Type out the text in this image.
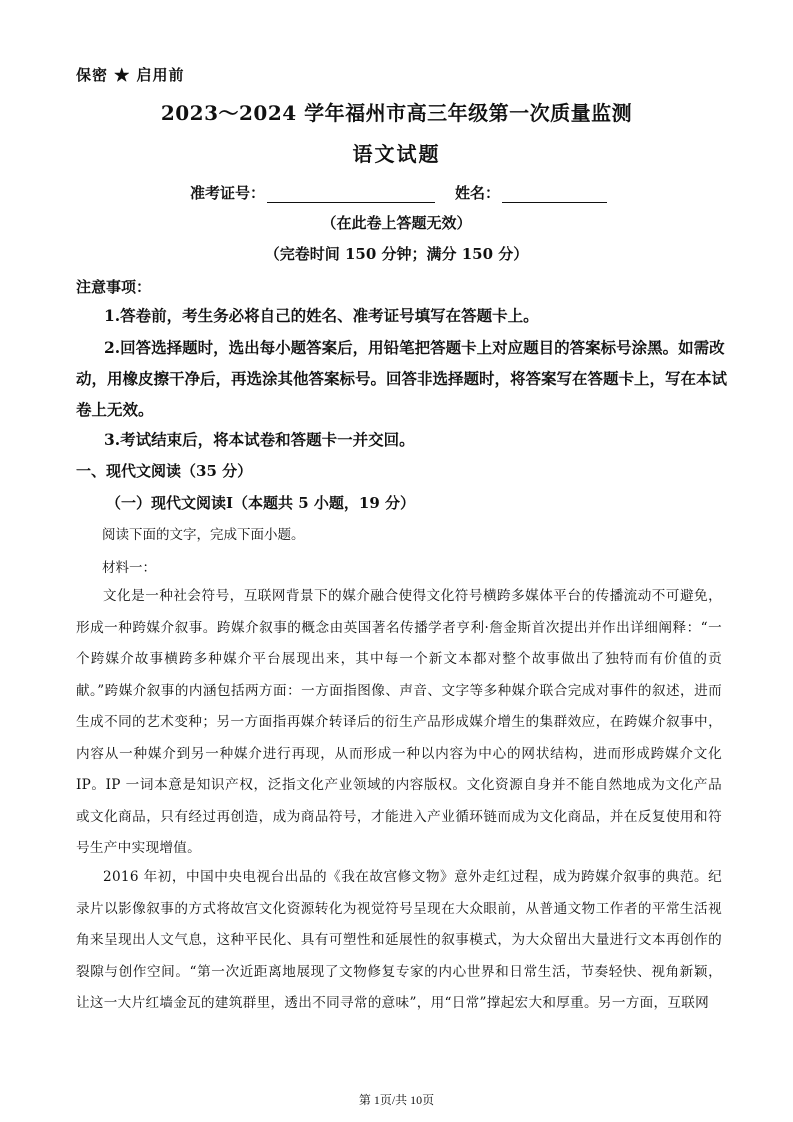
保密 ★ 启用前
2023～2024 学年福州市高三年级第一次质量监测
语文试题
准考证号：	姓名：
（在此卷上答题无效）
（完卷时间 150 分钟；满分 150 分）
注意事项：
1.答卷前，考生务必将自己的姓名、准考证号填写在答题卡上。
2.回答选择题时，选出每小题答案后，用铅笔把答题卡上对应题目的答案标号涂黑。如需改动，用橡皮擦干净后，再选涂其他答案标号。回答非选择题时，将答案写在答题卡上，写在本试卷上无效。
3.考试结束后，将本试卷和答题卡一并交回。
一、现代文阅读（35 分）
（一）现代文阅读Ⅰ（本题共 5 小题，19 分）
阅读下面的文字，完成下面小题。
材料一：
文化是一种社会符号，互联网背景下的媒介融合使得文化符号横跨多媒体平台的传播流动不可避免，形成一种跨媒介叙事。跨媒介叙事的概念由英国著名传播学者亨利·詹金斯首次提出并作出详细阐释：“一个跨媒介故事横跨多种媒介平台展现出来，其中每一个新文本都对整个故事做出了独特而有价值的贡献。”跨媒介叙事的内涵包括两方面：一方面指图像、声音、文字等多种媒介联合完成对事件的叙述，进而生成不同的艺术变种；另一方面指再媒介转译后的衍生产品形成媒介增生的集群效应，在跨媒介叙事中，内容从一种媒介到另一种媒介进行再现，从而形成一种以内容为中心的网状结构，进而形成跨媒介文化 IP。IP 一词本意是知识产权，泛指文化产业领域的内容版权。文化资源自身并不能自然地成为文化产品或文化商品，只有经过再创造，成为商品符号，才能进入产业循环链而成为文化商品，并在反复使用和符号生产中实现增值。
2016 年初，中国中央电视台出品的《我在故宫修文物》意外走红过程，成为跨媒介叙事的典范。纪录片以影像叙事的方式将故宫文化资源转化为视觉符号呈现在大众眼前，从普通文物工作者的平常生活视角来呈现出人文气息，这种平民化、具有可塑性和延展性的叙事模式，为大众留出大量进行文本再创作的裂隙与创作空间。“第一次近距离地展现了文物修复专家的内心世界和日常生活，节奏轻快、视角新颖，让这一大片红墙金瓦的建筑群里，透出不同寻常的意味”，用“日常”撑起宏大和厚重。另一方面，互联网
第 1页/共 10页
